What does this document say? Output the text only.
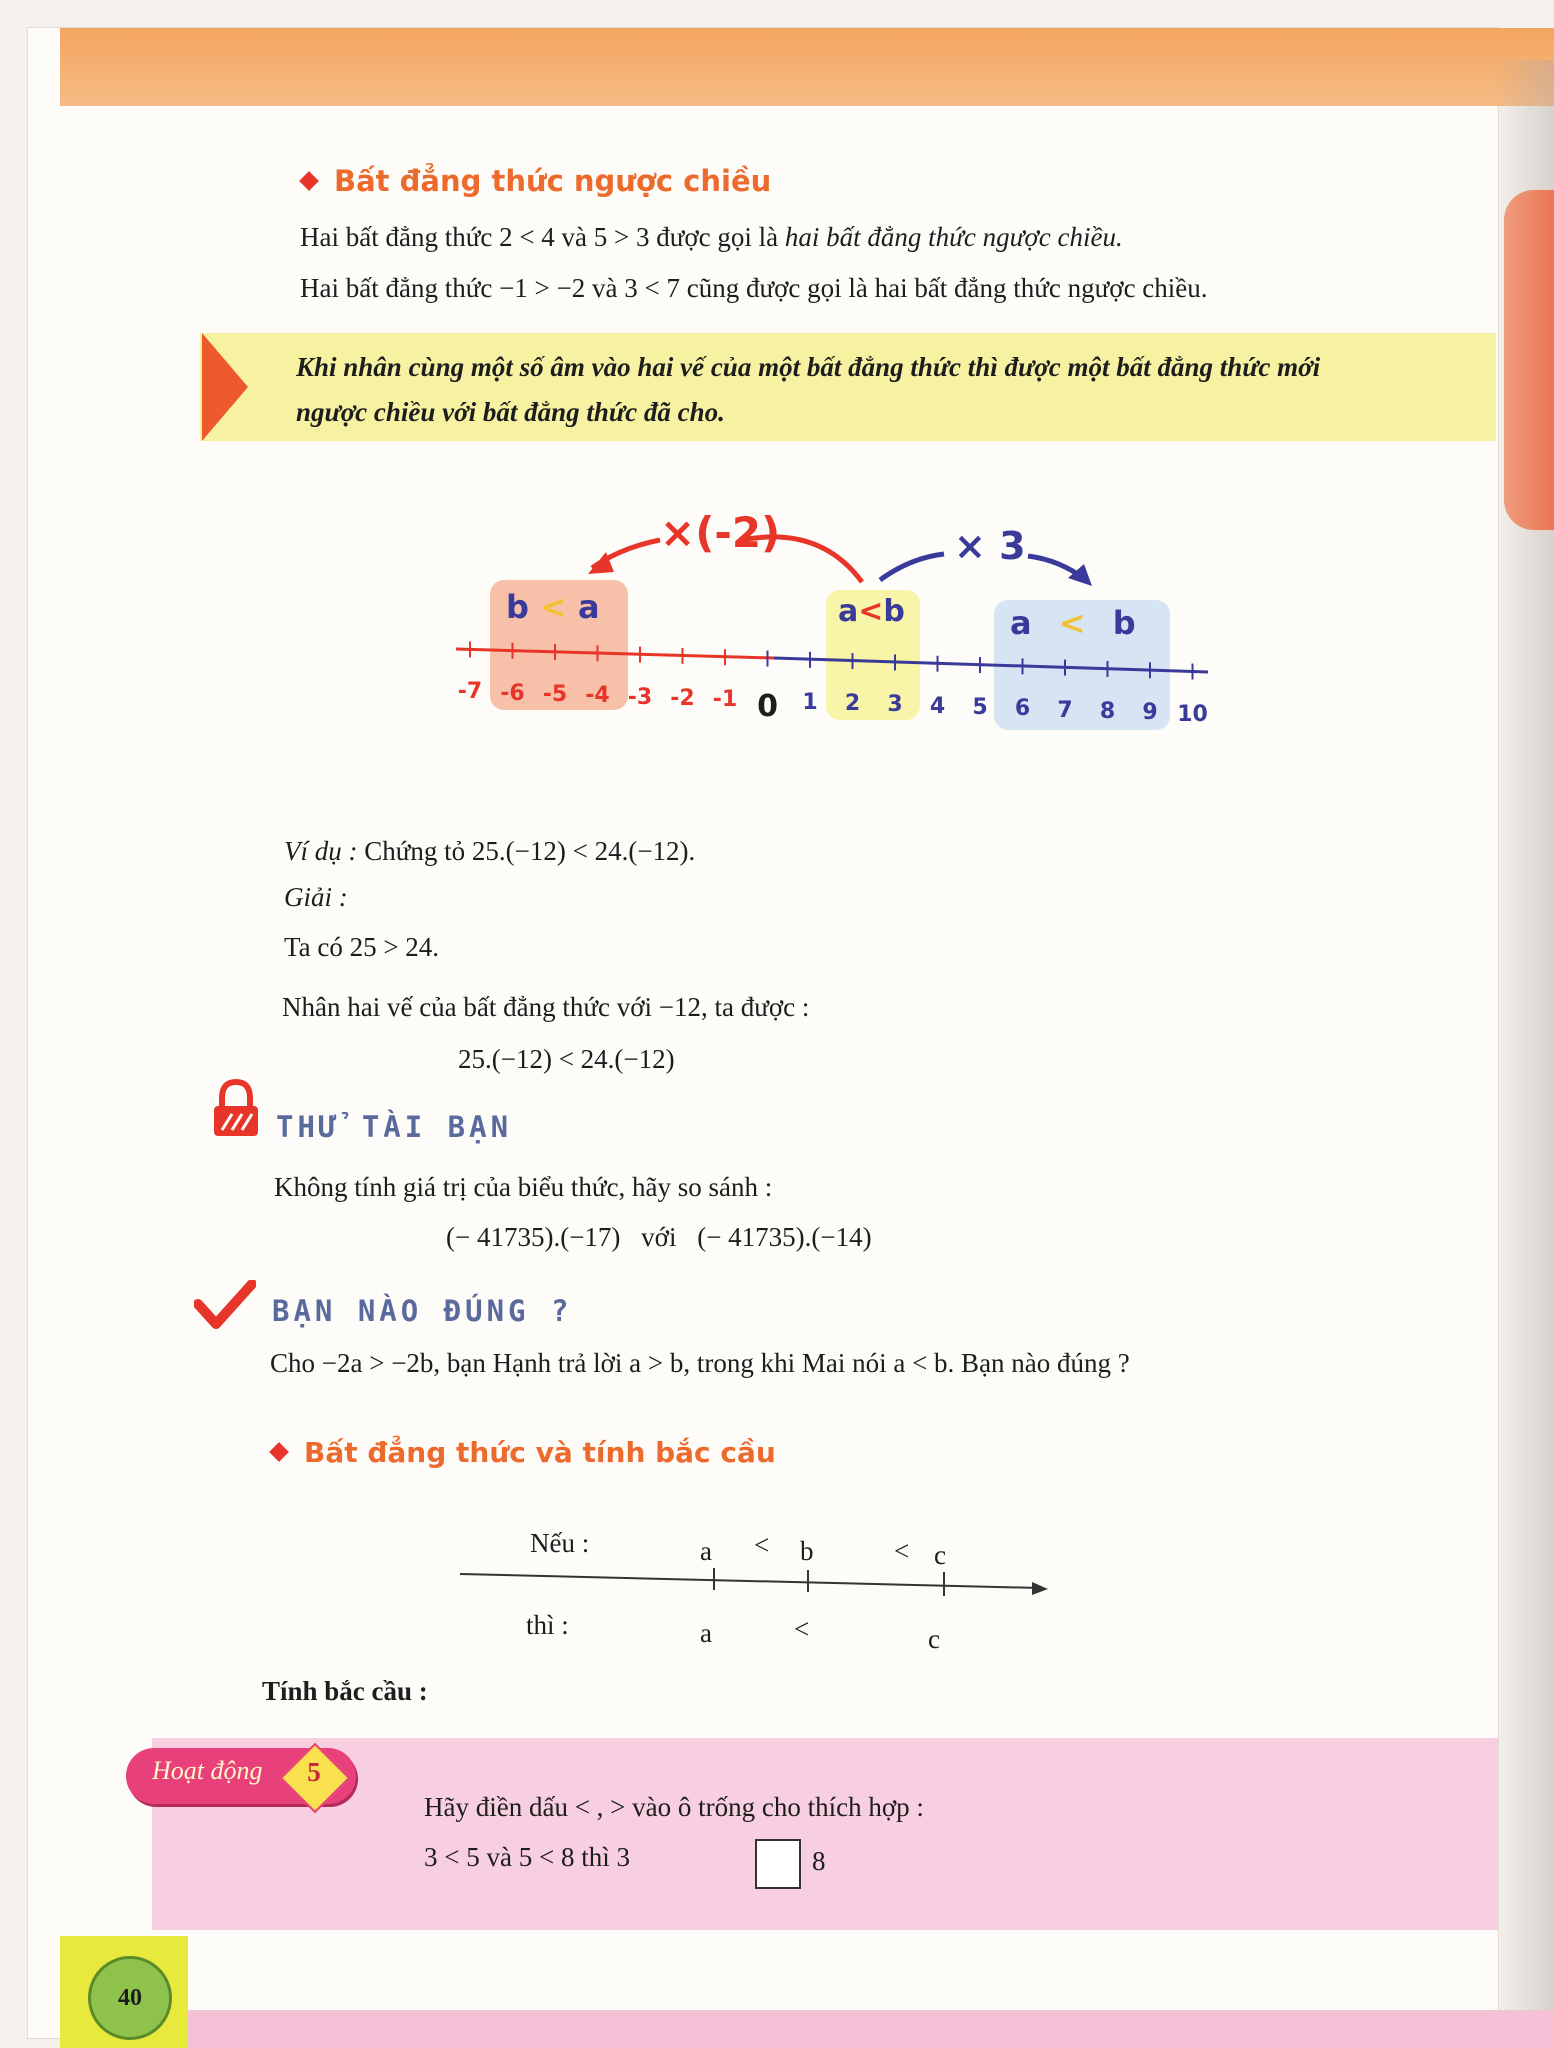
Bất đẳng thức ngược chiều
Hai bất đẳng thức 2 < 4 và 5 > 3 được gọi là hai bất đẳng thức ngược chiều.
Hai bất đẳng thức −1 > −2 và 3 < 7 cũng được gọi là hai bất đẳng thức ngược chiều.
Khi nhân cùng một số âm vào hai vế của một bất đẳng thức thì được một bất đẳng thức mới
ngược chiều với bất đẳng thức đã cho.
×(-2)	× 3
b < a	a<b	a < b
-7 -6 -5 -4 -3 -2 -1 0	1	2	3	4	5	6	7	8	9 10
Ví dụ : Chứng tỏ 25.(−12) < 24.(−12).
Giải :
Ta có 25 > 24.
Nhân hai vế của bất đẳng thức với −12, ta được :
25.(−12) < 24.(−12)
THỬ TÀI BẠN
Không tính giá trị của biểu thức, hãy so sánh :
(− 41735).(−17) với (− 41735).(−14)
BẠN NÀO ĐÚNG ?
Cho −2a > −2b, bạn Hạnh trả lời a > b, trong khi Mai nói a < b. Bạn nào đúng ?
Bất đẳng thức và tính bắc cầu
Nếu :	a < b	< c
thì :	a	<	c
Tính bắc cầu :
Hoạt động 5
Hãy điền dấu < , > vào ô trống cho thích hợp :
3 < 5 và 5 < 8 thì 3	8
40
